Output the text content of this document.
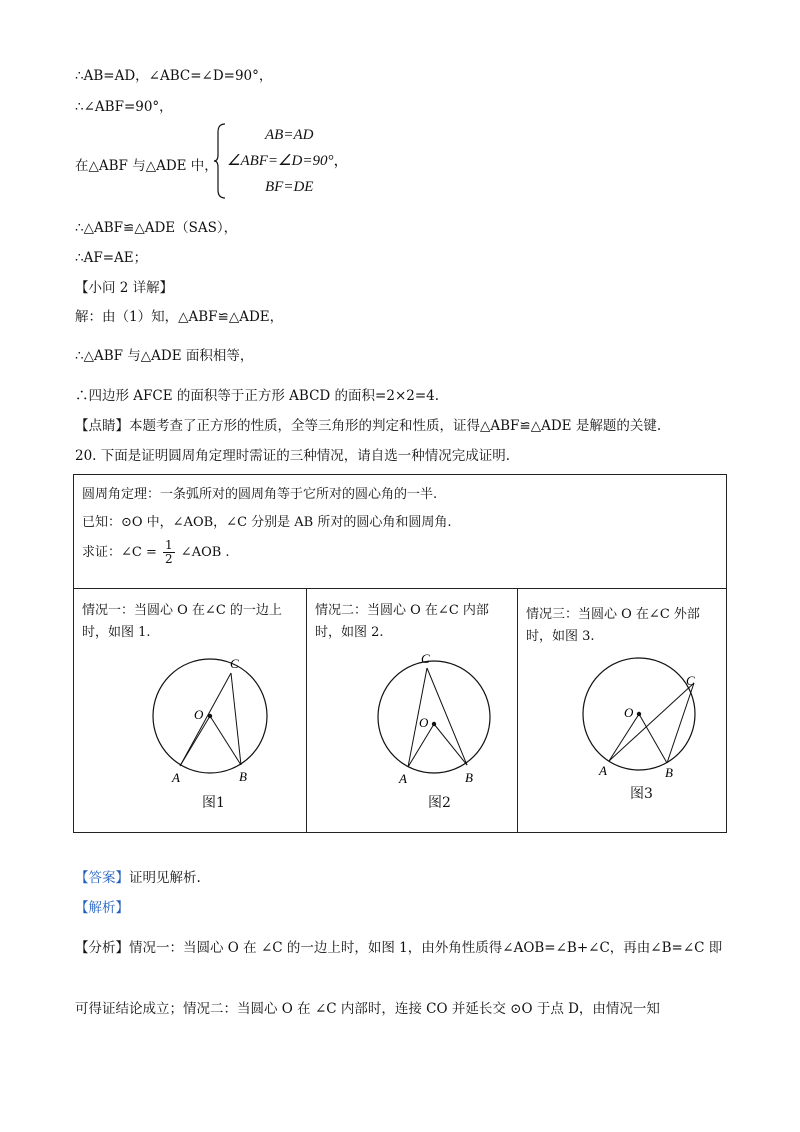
∴AB=AD，∠ABC=∠D=90°，
∴∠ABF=90°，
在△ABF 与△ADE 中，
AB=AD
∠ABF=∠D=90°，
BF=DE
∴△ABF≌△ADE（SAS），
∴AF=AE；
【小问 2 详解】
解：由（1）知，△ABF≌△ADE，
∴△ABF 与△ADE 面积相等，
∴四边形 AFCE 的面积等于正方形 ABCD 的面积=2×2=4.
【点睛】本题考查了正方形的性质，全等三角形的判定和性质，证得△ABF≌△ADE 是解题的关键.
20. 下面是证明圆周角定理时需证的三种情况，请自选一种情况完成证明.
圆周角定理：一条弧所对的圆周角等于它所对的圆心角的一半.
已知：⊙O 中，∠AOB，∠C 分别是 AB 所对的圆心角和圆周角.
求证：∠C = $\frac{1}{2}$ ∠AOB .
情况一：当圆心 O 在∠C 的一边上
时，如图 1.
O
C
A	B
图1
情况二：当圆心 O 在∠C 内部
时，如图 2.
O
C
A	B
图2
情况三：当圆心 O 在∠C 外部
时，如图 3.
O
C
A	B
图3
【答案】证明见解析.
【解析】
【分析】情况一：当圆心 O 在 ∠C 的一边上时，如图 1，由外角性质得∠AOB=∠B+∠C，再由∠B=∠C 即
可得证结论成立；情况二：当圆心 O 在 ∠C 内部时，连接 CO 并延长交 ⊙O 于点 D，由情况一知
